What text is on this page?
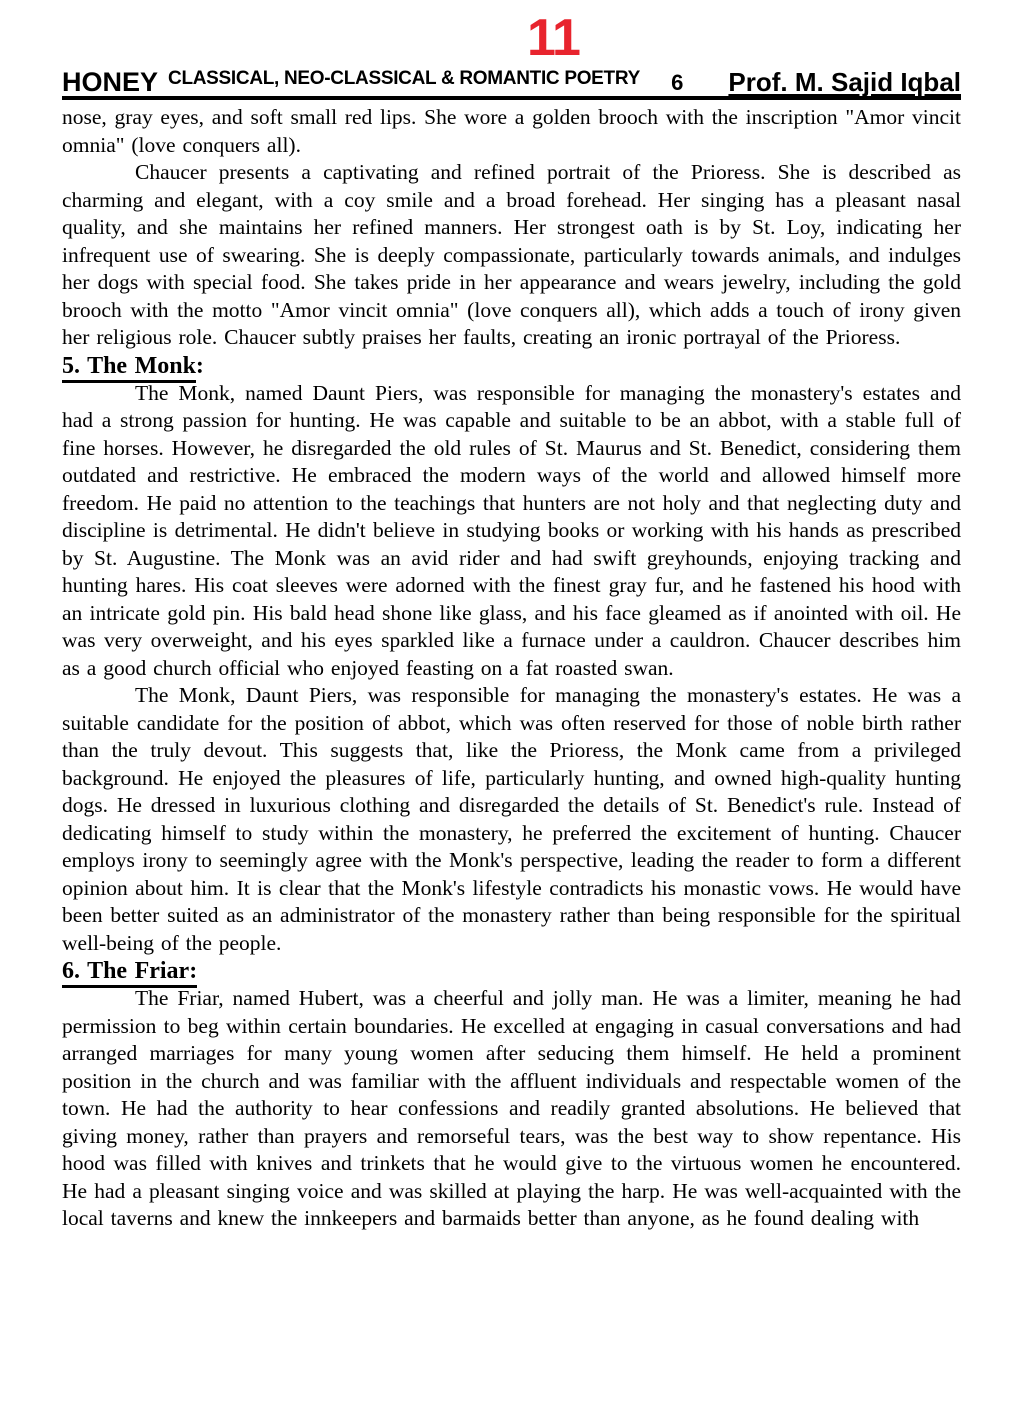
11
HONEY CLASSICAL, NEO-CLASSICAL & ROMANTIC POETRY 6 Prof. M. Sajid Iqbal

nose, gray eyes, and soft small red lips. She wore a golden brooch with the inscription "Amor vincit omnia" (love conquers all).

Chaucer presents a captivating and refined portrait of the Prioress. She is described as charming and elegant, with a coy smile and a broad forehead. Her singing has a pleasant nasal quality, and she maintains her refined manners. Her strongest oath is by St. Loy, indicating her infrequent use of swearing. She is deeply compassionate, particularly towards animals, and indulges her dogs with special food. She takes pride in her appearance and wears jewelry, including the gold brooch with the motto "Amor vincit omnia" (love conquers all), which adds a touch of irony given her religious role. Chaucer subtly praises her faults, creating an ironic portrayal of the Prioress.

5. The Monk:

The Monk, named Daunt Piers, was responsible for managing the monastery's estates and had a strong passion for hunting. He was capable and suitable to be an abbot, with a stable full of fine horses. However, he disregarded the old rules of St. Maurus and St. Benedict, considering them outdated and restrictive. He embraced the modern ways of the world and allowed himself more freedom. He paid no attention to the teachings that hunters are not holy and that neglecting duty and discipline is detrimental. He didn't believe in studying books or working with his hands as prescribed by St. Augustine. The Monk was an avid rider and had swift greyhounds, enjoying tracking and hunting hares. His coat sleeves were adorned with the finest gray fur, and he fastened his hood with an intricate gold pin. His bald head shone like glass, and his face gleamed as if anointed with oil. He was very overweight, and his eyes sparkled like a furnace under a cauldron. Chaucer describes him as a good church official who enjoyed feasting on a fat roasted swan.

The Monk, Daunt Piers, was responsible for managing the monastery's estates. He was a suitable candidate for the position of abbot, which was often reserved for those of noble birth rather than the truly devout. This suggests that, like the Prioress, the Monk came from a privileged background. He enjoyed the pleasures of life, particularly hunting, and owned high-quality hunting dogs. He dressed in luxurious clothing and disregarded the details of St. Benedict's rule. Instead of dedicating himself to study within the monastery, he preferred the excitement of hunting. Chaucer employs irony to seemingly agree with the Monk's perspective, leading the reader to form a different opinion about him. It is clear that the Monk's lifestyle contradicts his monastic vows. He would have been better suited as an administrator of the monastery rather than being responsible for the spiritual well-being of the people.

6. The Friar:

The Friar, named Hubert, was a cheerful and jolly man. He was a limiter, meaning he had permission to beg within certain boundaries. He excelled at engaging in casual conversations and had arranged marriages for many young women after seducing them himself. He held a prominent position in the church and was familiar with the affluent individuals and respectable women of the town. He had the authority to hear confessions and readily granted absolutions. He believed that giving money, rather than prayers and remorseful tears, was the best way to show repentance. His hood was filled with knives and trinkets that he would give to the virtuous women he encountered. He had a pleasant singing voice and was skilled at playing the harp. He was well-acquainted with the local taverns and knew the innkeepers and barmaids better than anyone, as he found dealing with
